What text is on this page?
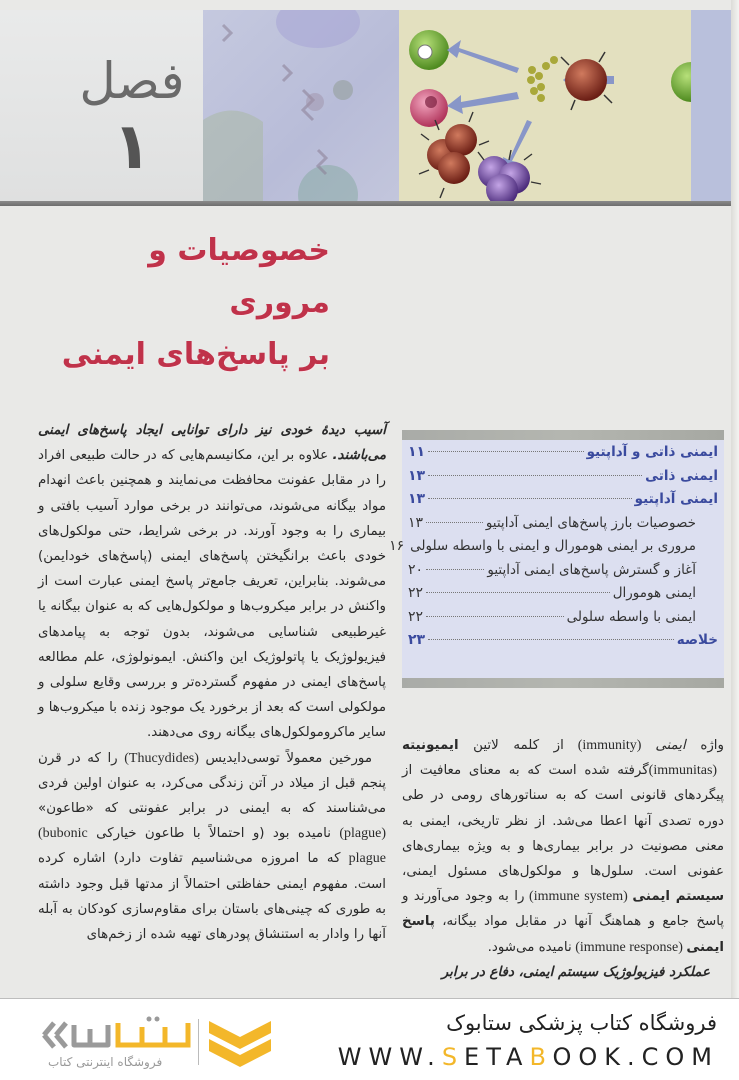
فصل
۱
خصوصیات و مروری
بر پاسخ‌های ایمنی
ایمنی ذاتی و آداپتیو
۱۱
ایمنی ذاتی
۱۳
ایمنی آداپتیو
۱۳
خصوصیات بارز پاسخ‌های ایمنی آداپتیو
۱۳
مروری بر ایمنی هومورال و ایمنی با واسطه سلولی
۱۶
آغاز و گسترش پاسخ‌های ایمنی آداپتیو
۲۰
ایمنی هومورال
۲۲
ایمنی با واسطه سلولی
۲۲
خلاصه
۲۳

آسیب دیدهٔ خودی نیز دارای توانایی ایجاد پاسخ‌های ایمنی می‌باشند. علاوه بر این، مکانیسم‌هایی که در حالت طبیعی افراد را در مقابل عفونت محافظت می‌نمایند و همچنین باعث انهدام مواد بیگانه می‌شوند، می‌توانند در برخی موارد آسیب بافتی و بیماری را به وجود آورند. در برخی شرایط، حتی مولکول‌های خودی باعث برانگیختن پاسخ‌های ایمنی (پاسخ‌های خودایمن) می‌شوند. بنابراین، تعریف جامع‌تر پاسخ ایمنی عبارت است از واکنش در برابر میکروب‌ها و مولکول‌هایی که به عنوان بیگانه یا غیرطبیعی شناسایی می‌شوند، بدون توجه به پیامدهای فیزیولوژیک یا پاتولوژیک این واکنش. ایمونولوژی، علم مطالعه پاسخ‌های ایمنی در مفهوم گسترده‌تر و بررسی وقایع سلولی و مولکولی است که بعد از برخورد یک موجود زنده با میکروب‌ها و سایر ماکرومولکول‌های بیگانه روی می‌دهند.

مورخین معمولاً توسی‌دایدیس (Thucydides) را که در قرن پنجم قبل از میلاد در آتن زندگی می‌کرد، به عنوان اولین فردی می‌شناسند که به ایمنی در برابر عفونتی که «طاعون» (plague) نامیده بود (و احتمالاً با طاعون خیارکی (bubonic plague که ما امروزه می‌شناسیم تفاوت دارد) اشاره کرده است. مفهوم ایمنی حفاظتی احتمالاً از مدتها قبل وجود داشته به طوری که چینی‌های باستان برای مقاوم‌سازی کودکان به آبله آنها را وادار به استنشاق پودرهای تهیه شده از زخم‌های

واژه ایمنی (immunity) از کلمه لاتین ایمیونیته (immunitas) گرفته شده است که به معنای معافیت از پیگردهای قانونی است که به سناتورهای رومی در طی دوره تصدی آنها اعطا می‌شد. از نظر تاریخی، ایمنی به معنی مصونیت در برابر بیماری‌ها و به ویژه بیماری‌های عفونی است. سلول‌ها و مولکول‌های مسئول ایمنی، سیستم ایمنی (immune system) را به وجود می‌آورند و پاسخ جامع و هماهنگ آنها در مقابل مواد بیگانه، پاسخ ایمنی (immune response) نامیده می‌شود.

عملکرد فیزیولوژیک سیستم ایمنی، دفاع در برابر

فروشگاه اینترنتی کتاب
فروشگاه کتاب پزشکی ستابوک
WWW.SETABOOK.COM
